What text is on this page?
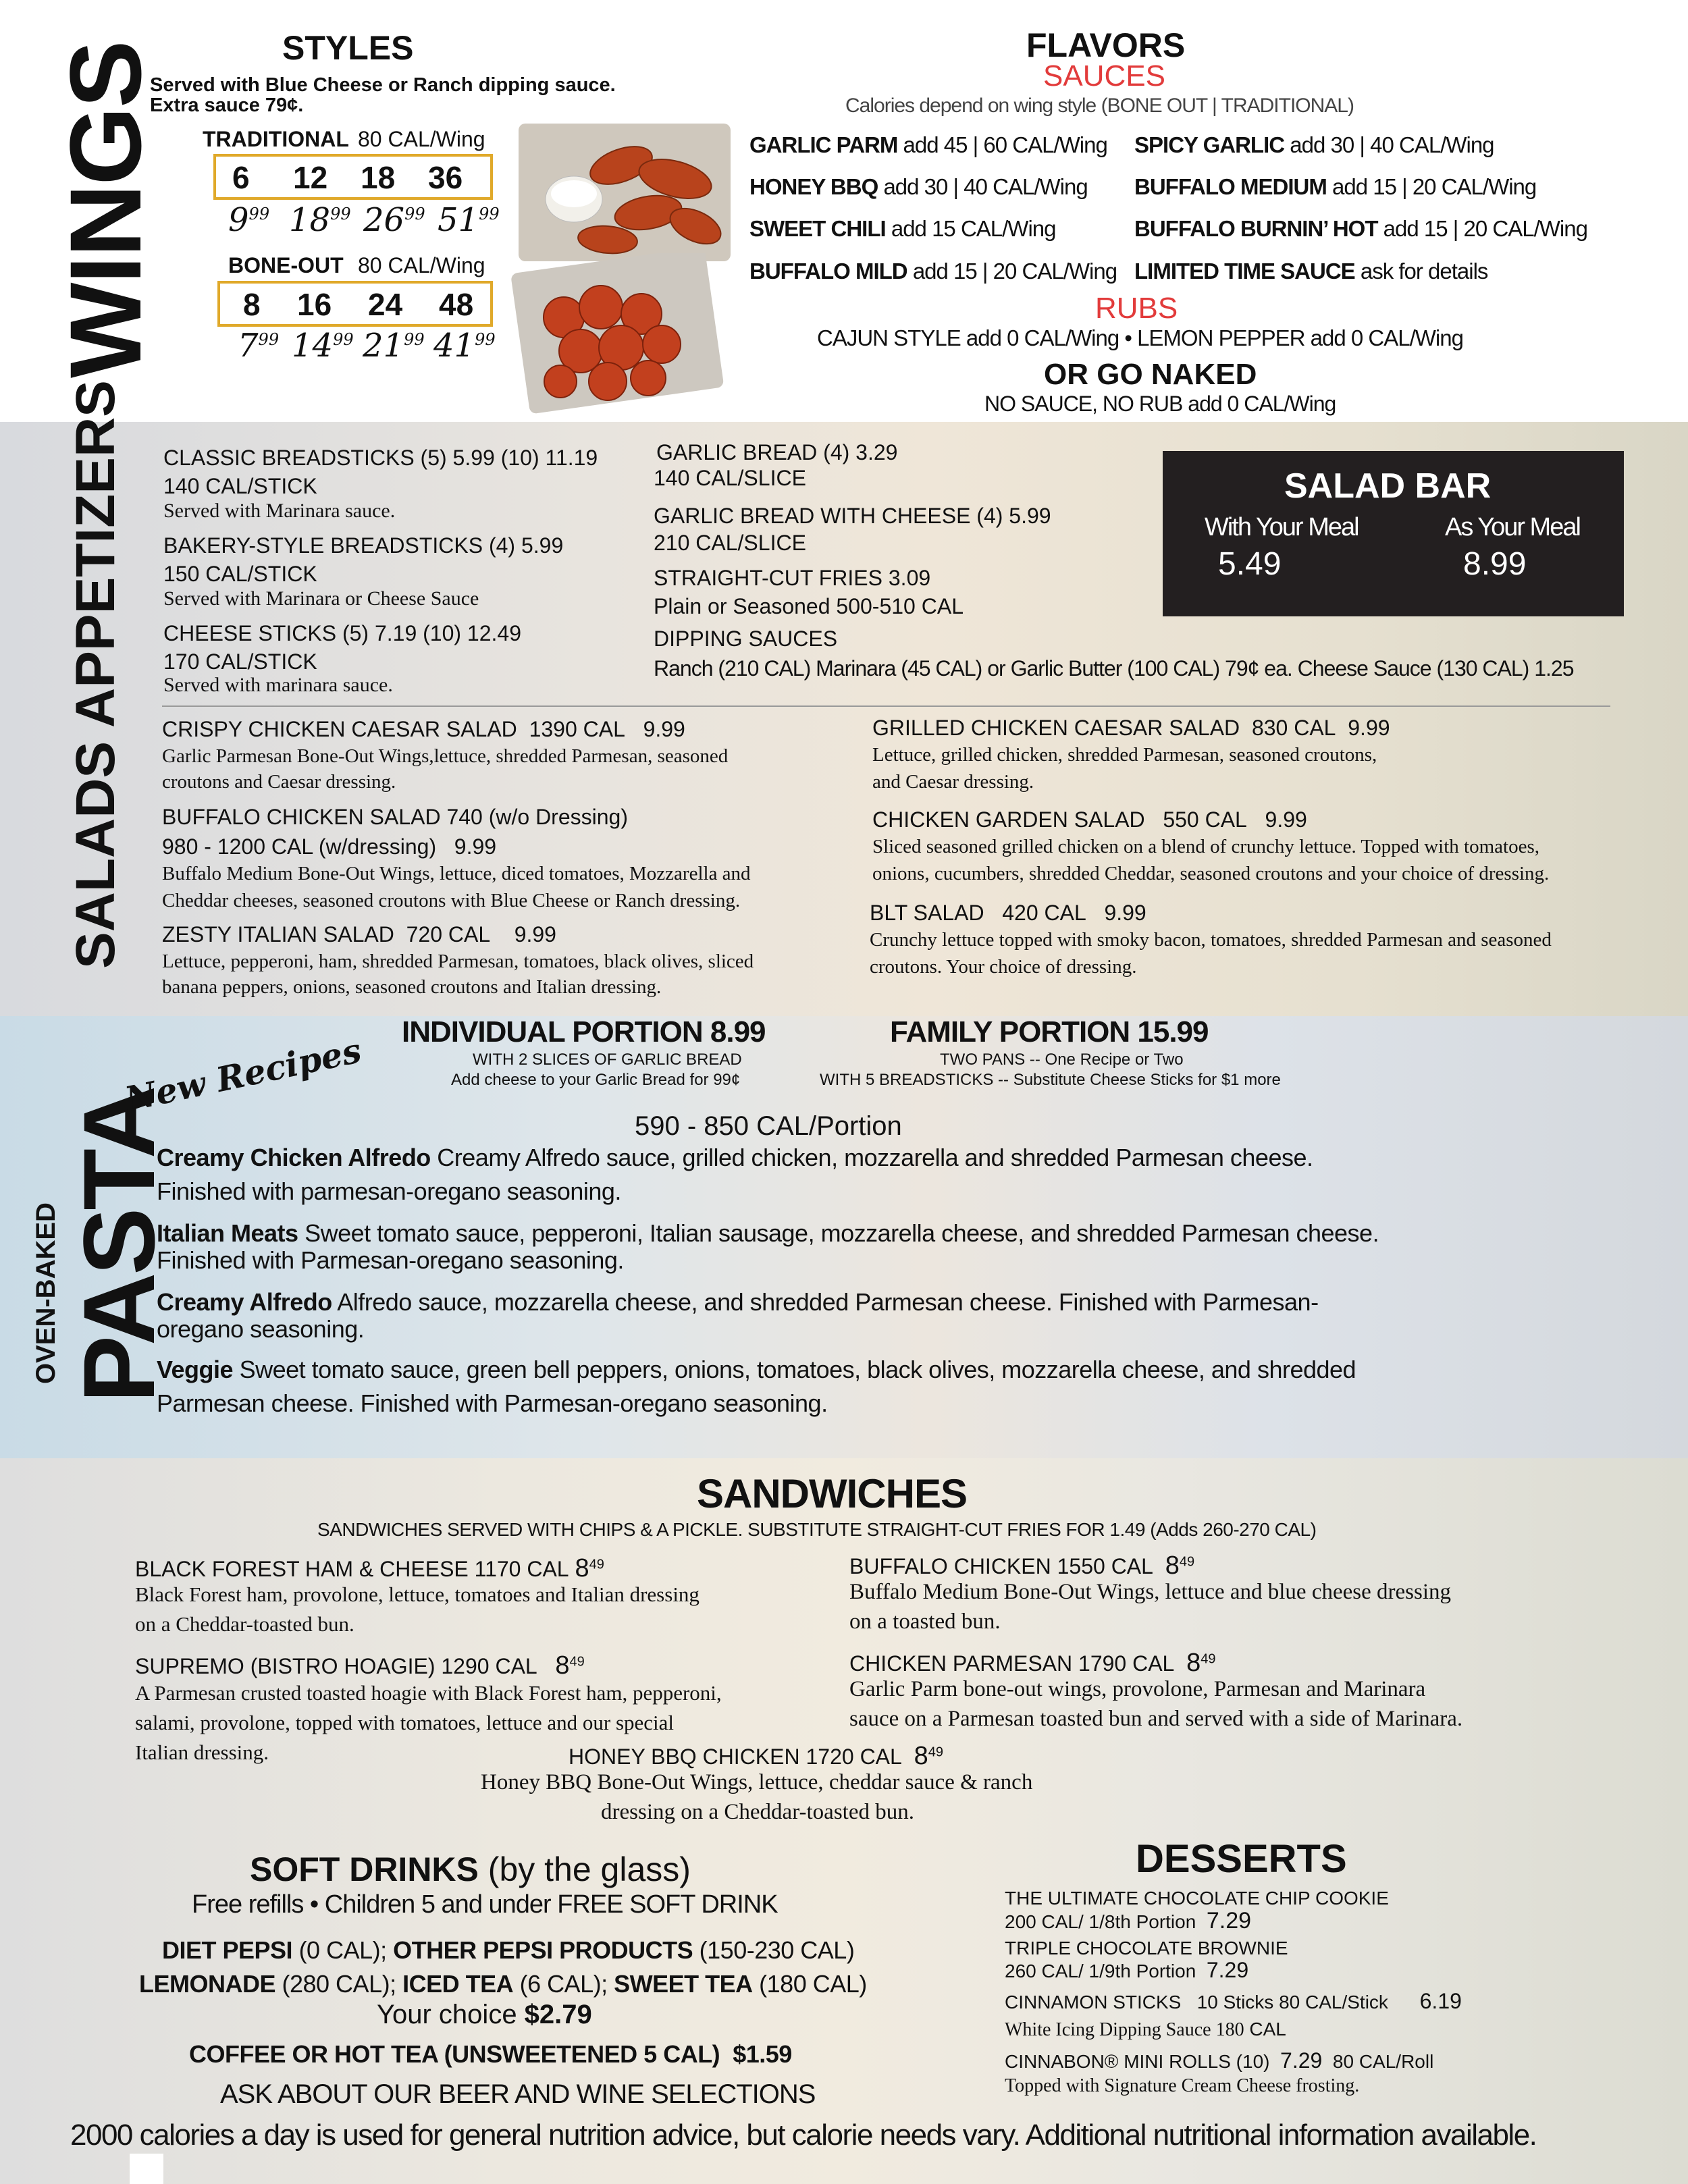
WINGS	STYLES
Served with Blue Cheese or Ranch dipping sauce.
Extra sauce 79¢.
TRADITIONAL 80 CAL/Wing
6 12 18 36
$9^{99}$ $18^{99}$ $26^{99}$ $51^{99}$
BONE-OUT 80 CAL/Wing
8 16 24 48
$7^{99}$ $14^{99}$ $21^{99}$ $41^{99}$
FLAVORS
SAUCES
Calories depend on wing style (BONE OUT | TRADITIONAL)
GARLIC PARM add 45 | 60 CAL/Wing
HONEY BBQ add 30 | 40 CAL/Wing
SWEET CHILI add 15 CAL/Wing
BUFFALO MILD add 15 | 20 CAL/Wing
SPICY GARLIC add 30 | 40 CAL/Wing
BUFFALO MEDIUM add 15 | 20 CAL/Wing
BUFFALO BURNIN’ HOT add 15 | 20 CAL/Wing
LIMITED TIME SAUCE ask for details
RUBS
CAJUN STYLE add 0 CAL/Wing • LEMON PEPPER add 0 CAL/Wing
OR GO NAKED
NO SAUCE, NO RUB add 0 CAL/Wing
APPETIZERS CLASSIC BREADSTICKS (5) 5.99 (10) 11.19
140 CAL/STICK
Served with Marinara sauce.
BAKERY-STYLE BREADSTICKS (4) 5.99
150 CAL/STICK
Served with Marinara or Cheese Sauce
CHEESE STICKS (5) 7.19 (10) 12.49
170 CAL/STICK
Served with marinara sauce.
GARLIC BREAD (4) 3.29
140 CAL/SLICE
GARLIC BREAD WITH CHEESE (4) 5.99
210 CAL/SLICE
STRAIGHT-CUT FRIES 3.09
Plain or Seasoned 500-510 CAL
DIPPING SAUCES
Ranch (210 CAL) Marinara (45 CAL) or Garlic Butter (100 CAL) 79¢ ea. Cheese Sauce (130 CAL) 1.25
SALAD BAR
With Your Meal	As Your Meal
5.49	8.99
SALADS
CRISPY CHICKEN CAESAR SALAD 1390 CAL 9.99
Garlic Parmesan Bone-Out Wings,lettuce, shredded Parmesan, seasoned
croutons and Caesar dressing.
BUFFALO CHICKEN SALAD 740 (w/o Dressing)
980 - 1200 CAL (w/dressing) 9.99
Buffalo Medium Bone-Out Wings, lettuce, diced tomatoes, Mozzarella and
Cheddar cheeses, seasoned croutons with Blue Cheese or Ranch dressing.
ZESTY ITALIAN SALAD 720 CAL 9.99
Lettuce, pepperoni, ham, shredded Parmesan, tomatoes, black olives, sliced
banana peppers, onions, seasoned croutons and Italian dressing.
GRILLED CHICKEN CAESAR SALAD 830 CAL 9.99
Lettuce, grilled chicken, shredded Parmesan, seasoned croutons,
and Caesar dressing.
CHICKEN GARDEN SALAD 550 CAL 9.99
Sliced seasoned grilled chicken on a blend of crunchy lettuce. Topped with tomatoes,
onions, cucumbers, shredded Cheddar, seasoned croutons and your choice of dressing.
BLT SALAD 420 CAL 9.99
Crunchy lettuce topped with smoky bacon, tomatoes, shredded Parmesan and seasoned
croutons. Your choice of dressing.
OVEN-BAKED PASTA
New Recipes INDIVIDUAL PORTION 8.99
WITH 2 SLICES OF GARLIC BREAD
Add cheese to your Garlic Bread for 99¢
FAMILY PORTION 15.99
TWO PANS -- One Recipe or Two
WITH 5 BREADSTICKS -- Substitute Cheese Sticks for $1 more
590 - 850 CAL/Portion
Creamy Chicken Alfredo Creamy Alfredo sauce, grilled chicken, mozzarella and shredded Parmesan cheese.
Finished with parmesan-oregano seasoning.
Italian Meats Sweet tomato sauce, pepperoni, Italian sausage, mozzarella cheese, and shredded Parmesan cheese.
Finished with Parmesan-oregano seasoning.
Creamy Alfredo Alfredo sauce, mozzarella cheese, and shredded Parmesan cheese. Finished with Parmesan-
oregano seasoning.
Veggie Sweet tomato sauce, green bell peppers, onions, tomatoes, black olives, mozzarella cheese, and shredded
Parmesan cheese. Finished with Parmesan-oregano seasoning.
SANDWICHES
SANDWICHES SERVED WITH CHIPS & A PICKLE. SUBSTITUTE STRAIGHT-CUT FRIES FOR 1.49 (Adds 260-270 CAL)
BLACK FOREST HAM & CHEESE 1170 CAL $8^{49}$
Black Forest ham, provolone, lettuce, tomatoes and Italian dressing
on a Cheddar-toasted bun.
SUPREMO (BISTRO HOAGIE) 1290 CAL $8^{49}$
A Parmesan crusted toasted hoagie with Black Forest ham, pepperoni,
salami, provolone, topped with tomatoes, lettuce and our special
Italian dressing.
BUFFALO CHICKEN 1550 CAL $8^{49}$
Buffalo Medium Bone-Out Wings, lettuce and blue cheese dressing
on a toasted bun.
CHICKEN PARMESAN 1790 CAL $8^{49}$
Garlic Parm bone-out wings, provolone, Parmesan and Marinara
sauce on a Parmesan toasted bun and served with a side of Marinara.
HONEY BBQ CHICKEN 1720 CAL $8^{49}$
Honey BBQ Bone-Out Wings, lettuce, cheddar sauce & ranch
dressing on a Cheddar-toasted bun.
SOFT DRINKS (by the glass)
Free refills • Children 5 and under FREE SOFT DRINK
DIET PEPSI (0 CAL); OTHER PEPSI PRODUCTS (150-230 CAL)
LEMONADE (280 CAL); ICED TEA (6 CAL); SWEET TEA (180 CAL)
Your choice $2.79
COFFEE OR HOT TEA (UNSWEETENED 5 CAL) $1.59
ASK ABOUT OUR BEER AND WINE SELECTIONS
DESSERTS
THE ULTIMATE CHOCOLATE CHIP COOKIE
200 CAL/ 1/8th Portion 7.29
TRIPLE CHOCOLATE BROWNIE
260 CAL/ 1/9th Portion 7.29
CINNAMON STICKS 10 Sticks 80 CAL/Stick 6.19
White Icing Dipping Sauce 180 CAL
CINNABON® MINI ROLLS (10) 7.29 80 CAL/Roll
Topped with Signature Cream Cheese frosting.
2000 calories a day is used for general nutrition advice, but calorie needs vary. Additional nutritional information available.
